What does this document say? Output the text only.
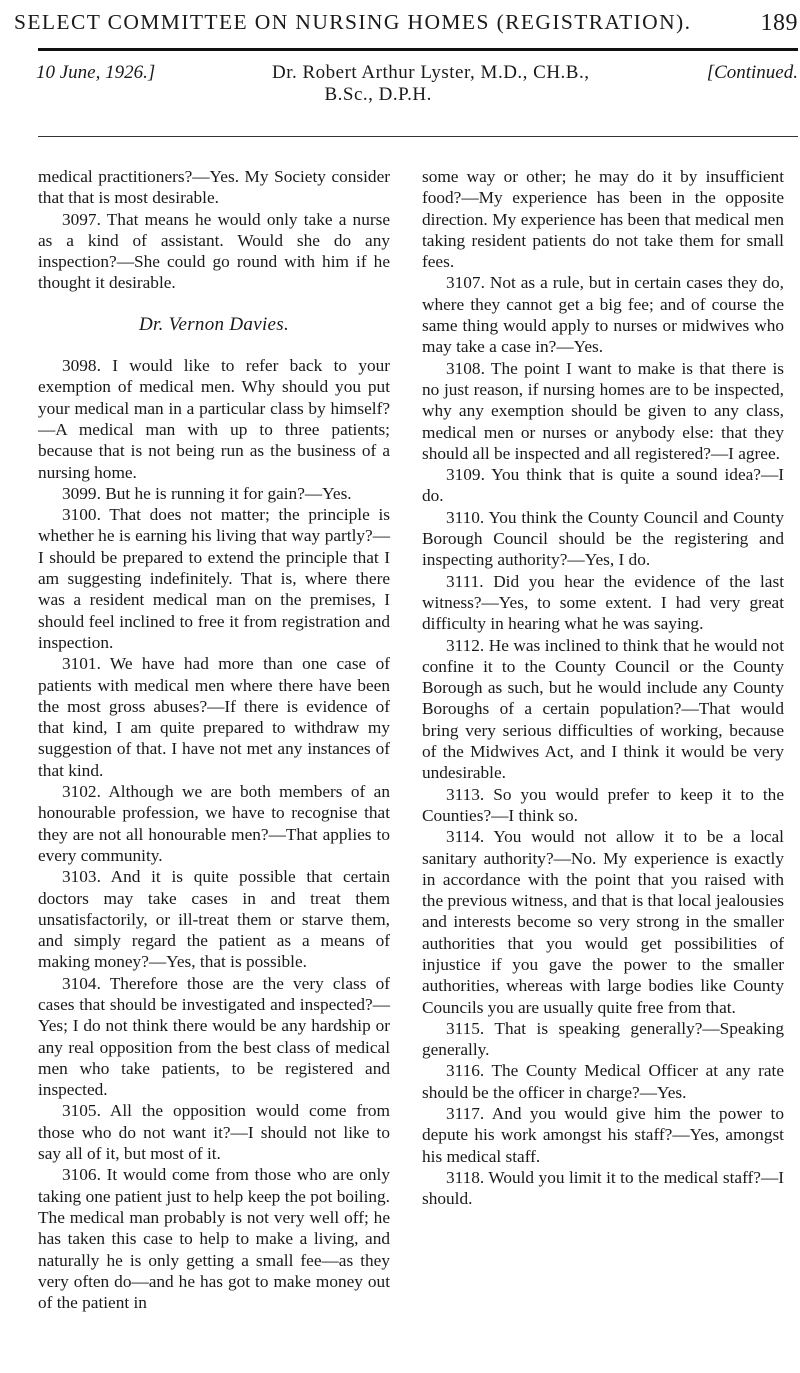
SELECT COMMITTEE ON NURSING HOMES (REGISTRATION).	189
10 June, 1926.]	Dr. Robert Arthur Lyster, M.D., CH.B.,
B.Sc., D.P.H.
[Continued.

medical practitioners?—Yes. My Society consider that that is most desirable.

3097. That means he would only take a nurse as a kind of assistant. Would she do any inspection?—She could go round with him if he thought it desirable.

Dr. Vernon Davies.

3098. I would like to refer back to your exemption of medical men. Why should you put your medical man in a particular class by himself?—A medical man with up to three patients; because that is not being run as the business of a nursing home.

3099. But he is running it for gain?—Yes.

3100. That does not matter; the principle is whether he is earning his living that way partly?—I should be prepared to extend the principle that I am suggesting indefinitely. That is, where there was a resident medical man on the premises, I should feel inclined to free it from registration and inspection.

3101. We have had more than one case of patients with medical men where there have been the most gross abuses?—If there is evidence of that kind, I am quite prepared to withdraw my suggestion of that. I have not met any instances of that kind.

3102. Although we are both members of an honourable profession, we have to recognise that they are not all honourable men?—That applies to every community.

3103. And it is quite possible that certain doctors may take cases in and treat them unsatisfactorily, or ill-treat them or starve them, and simply regard the patient as a means of making money?—Yes, that is possible.

3104. Therefore those are the very class of cases that should be investigated and inspected?—Yes; I do not think there would be any hardship or any real opposition from the best class of medical men who take patients, to be registered and inspected.

3105. All the opposition would come from those who do not want it?—I should not like to say all of it, but most of it.

3106. It would come from those who are only taking one patient just to help keep the pot boiling. The medical man probably is not very well off; he has taken this case to help to make a living, and naturally he is only getting a small fee—as they very often do—and he has got to make money out of the patient in

some way or other; he may do it by insufficient food?—My experience has been in the opposite direction. My experience has been that medical men taking resident patients do not take them for small fees.

3107. Not as a rule, but in certain cases they do, where they cannot get a big fee; and of course the same thing would apply to nurses or midwives who may take a case in?—Yes.

3108. The point I want to make is that there is no just reason, if nursing homes are to be inspected, why any exemption should be given to any class, medical men or nurses or anybody else: that they should all be inspected and all registered?—I agree.

3109. You think that is quite a sound idea?—I do.

3110. You think the County Council and County Borough Council should be the registering and inspecting authority?—Yes, I do.

3111. Did you hear the evidence of the last witness?—Yes, to some extent. I had very great difficulty in hearing what he was saying.

3112. He was inclined to think that he would not confine it to the County Council or the County Borough as such, but he would include any County Boroughs of a certain population?—That would bring very serious difficulties of working, because of the Midwives Act, and I think it would be very undesirable.

3113. So you would prefer to keep it to the Counties?—I think so.

3114. You would not allow it to be a local sanitary authority?—No. My experience is exactly in accordance with the point that you raised with the previous witness, and that is that local jealousies and interests become so very strong in the smaller authorities that you would get possibilities of injustice if you gave the power to the smaller authorities, whereas with large bodies like County Councils you are usually quite free from that.

3115. That is speaking generally?—Speaking generally.

3116. The County Medical Officer at any rate should be the officer in charge?—Yes.

3117. And you would give him the power to depute his work amongst his staff?—Yes, amongst his medical staff.

3118. Would you limit it to the medical staff?—I should.
